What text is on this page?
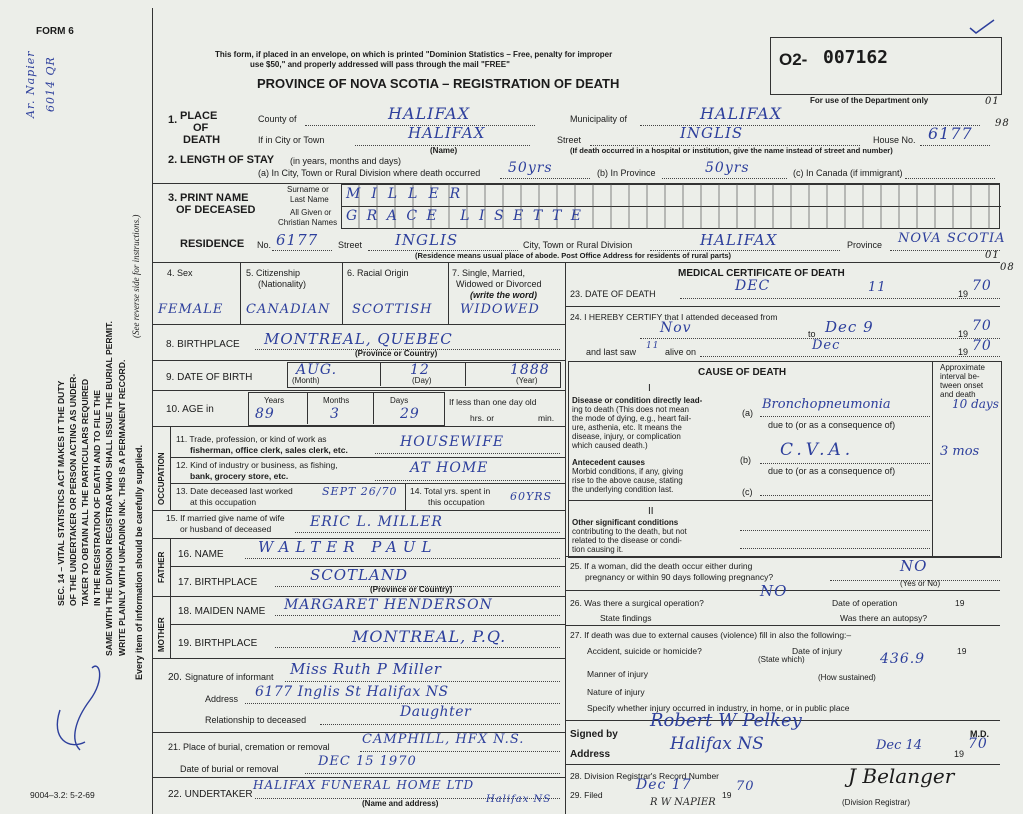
FORM 6
Ar. Napier 6014 QR
SEC. 14 – VITAL STATISTICS ACT MAKES IT THE DUTY OF THE UNDERTAKER OR PERSON ACTING AS UNDER- TAKER TO OBTAIN ALL THE PARTICULARS REQUIRED IN THE REGISTRATION OF DEATH AND TO FILE THE SAME WITH THE DIVISION REGISTRAR WHO SHALL ISSUE THE BURIAL PERMIT. WRITE PLAINLY WITH UNFADING INK. THIS IS A PERMANENT RECORD.
(See reverse side for instructions.)
Every item of information should be carefully supplied.
9004–3.2: 5-2-69
This form, if placed in an envelope, on which is printed "Dominion Statistics – Free, penalty for improper
use $50," and properly addressed will pass through the mail "FREE"
PROVINCE OF NOVA SCOTIA – REGISTRATION OF DEATH
O2- 007162
For use of the Department only	01
98
1. PLACE
OF
DEATH
County of	HALIFAX	Municipality of	HALIFAX
If in City or Town	HALIFAX
(Name)
Street	INGLIS	House No. 6177
(If death occurred in a hospital or institution, give the name instead of street and number)
2. LENGTH OF STAY (in years, months and days)
(a) In City, Town or Rural Division where death occurred 50yrs	(b) In Province	50yrs	(c) In Canada (if immigrant)
3. PRINT NAME
OF DECEASED
Surname or
Last Name
All Given or
Christian Names
MILLER
GRACE LISETTE
RESIDENCE No. 6177 Street INGLIS	City, Town or Rural Division	HALIFAX	Province NOVA SCOTIA
(Residence means usual place of abode. Post Office Address for residents of rural parts)	01
08
4. Sex	5. Citizenship
(Nationality)
6. Racial Origin	7. Single, Married,
Widowed or Divorced
(write the word)
FEMALE CANADIAN SCOTTISH WIDOWED
8. BIRTHPLACE MONTREAL, QUEBEC
(Province or Country)
9. DATE OF BIRTH	AUG.	12	1888
(Month)	(Day)	(Year)
10. AGE in
Years	Months	Days
89	3	29
If less than one day old
hrs. or	min.
OCCUPATION
11. Trade, profession, or kind of work as
fisherman, office clerk, sales clerk, etc.	HOUSEWIFE
12. Kind of industry or business, as fishing,
bank, grocery store, etc.	AT HOME
13. Date deceased last worked
at this occupation
SEPT 26/70 14. Total yrs. spent in
this occupation 60YRS
15. If married give name of wife
or husband of deceased	ERIC L. MILLER
FATHER 16. NAME WALTER PAUL
17. BIRTHPLACE	SCOTLAND
(Province or Country)
MOTHER
18. MAIDEN NAME MARGARET HENDERSON
19. BIRTHPLACE	MONTREAL, P.Q.
20. Signature of informant Miss Ruth P Miller
Address 6177 Inglis St Halifax NS
Relationship to deceased	Daughter
21. Place of burial, cremation or removal CAMPHILL, HFX N.S.
Date of burial or removal	DEC 15 1970
22. UNDERTAKER
HALIFAX FUNERAL HOME LTD
Halifax NS
(Name and address)
MEDICAL CERTIFICATE OF DEATH
23. DATE OF DEATH	DEC	11	19 70
24. I HEREBY CERTIFY that I attended deceased from
Nov	to Dec 9	19 70
and last saw
11
alive on	Dec	19 70
CAUSE OF DEATH	Approximate
interval be-
tween onset
and death
I
Disease or condition directly lead-
ing to death (This does not mean
the mode of dying, e.g., heart fail-
ure, asthenia, etc. It means the
disease, injury, or complication
which caused death.)
(a)
Bronchopneumonia	10 days
due to (or as a consequence of)
Antecedent causes
Morbid conditions, if any, giving
rise to the above cause, stating
the underlying condition last.
(b) C.V.A.	3 mos
due to (or as a consequence of)
(c)
II
Other significant conditions
contributing to the death, but not
related to the disease or condi-
tion causing it.
25. If a woman, did the death occur either during
pregnancy or within 90 days following pregnancy?
NO
(Yes or No)
26. Was there a surgical operation?
NO
Date of operation	19
State findings	Was there an autopsy?
27. If death was due to external causes (violence) fill in also the following:–
Accident, suicide or homicide?	Date of injury	19
(State which)
Manner of injury
436.9
(How sustained)
Nature of injury
Specify whether injury occurred in industry, in home, or in public place
Signed by
Robert W Pelkey
M.D.
Address
Halifax NS	Dec 14
19
70
28. Division Registrar's Record Number
29. Filed
Dec 17
19
70
R W NAPIER
J Belanger
(Division Registrar)
